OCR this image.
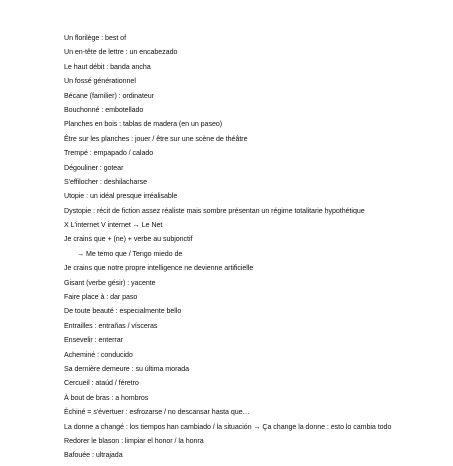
Un florilège : best of
Un en-tête de lettre : un encabezado
Le haut débit : banda ancha
Un fossé générationnel
Bécane (familier) : ordinateur
Bouchonné : embotellado
Planches en bois : tablas de madera (en un paseo)
Être sur les planches : jouer / être sur une scène de théâtre
Trempé : empapado / calado
Dégouliner : gotear
S'effilocher : deshilacharse
Utopie : un idéal presque irréalisable
Dystopie : récit de fiction assez réaliste mais sombre présentan un régime totalitarie hypothétique
X L'internet V internet → Le Net
Je crains que + (ne) + verbe au subjonctif
→ Me temo que / Tengo miedo de
Je crains que notre propre intelligence ne devienne artificielle
Gisant (verbe gésir) : yacente
Faire place à : dar paso
De toute beauté : especialmente bello
Entrailles : entrañas / vísceras
Ensevelir : enterrar
Acheminé : conducido
Sa dernière demeure : su última morada
Cercueil : ataúd / féretro
À bout de bras : a hombros
Échiné = s'évertuer : esfrozarse / no descansar hasta que…
La donne a changé : los tiempos han cambiado / la situación → Ça change la donne : esto lo cambia todo
Redorer le blason : limpiar el honor / la honra
Bafouée : ultrajada
